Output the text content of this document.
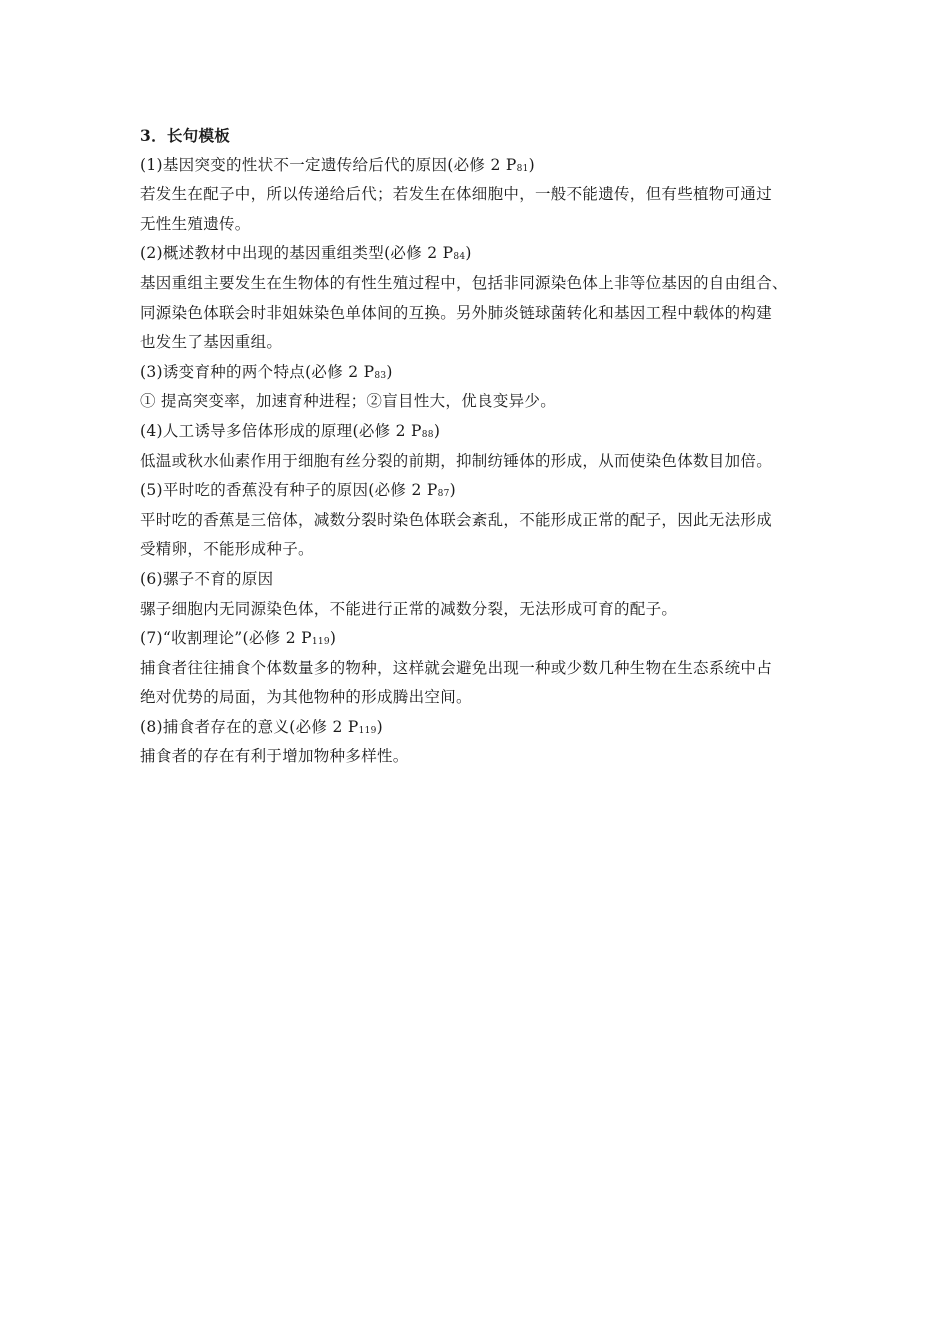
3．长句模板
(1)基因突变的性状不一定遗传给后代的原因(必修 2 $P_{81}$)
若发生在配子中，所以传递给后代；若发生在体细胞中，一般不能遗传，但有些植物可通过
无性生殖遗传。
(2)概述教材中出现的基因重组类型(必修 2 $P_{84}$)
基因重组主要发生在生物体的有性生殖过程中，包括非同源染色体上非等位基因的自由组合、
同源染色体联会时非姐妹染色单体间的互换。另外肺炎链球菌转化和基因工程中载体的构建
也发生了基因重组。
(3)诱变育种的两个特点(必修 2 $P_{83}$)
① 提高突变率，加速育种进程；②盲目性大，优良变异少。
(4)人工诱导多倍体形成的原理(必修 2 $P_{88}$)
低温或秋水仙素作用于细胞有丝分裂的前期，抑制纺锤体的形成，从而使染色体数目加倍。
(5)平时吃的香蕉没有种子的原因(必修 2 $P_{87}$)
平时吃的香蕉是三倍体，减数分裂时染色体联会紊乱，不能形成正常的配子，因此无法形成
受精卵，不能形成种子。
(6)骡子不育的原因
骡子细胞内无同源染色体，不能进行正常的减数分裂，无法形成可育的配子。
(7)“收割理论”(必修 2 $P_{119}$)
捕食者往往捕食个体数量多的物种，这样就会避免出现一种或少数几种生物在生态系统中占
绝对优势的局面，为其他物种的形成腾出空间。
(8)捕食者存在的意义(必修 2 $P_{119}$)
捕食者的存在有利于增加物种多样性。
